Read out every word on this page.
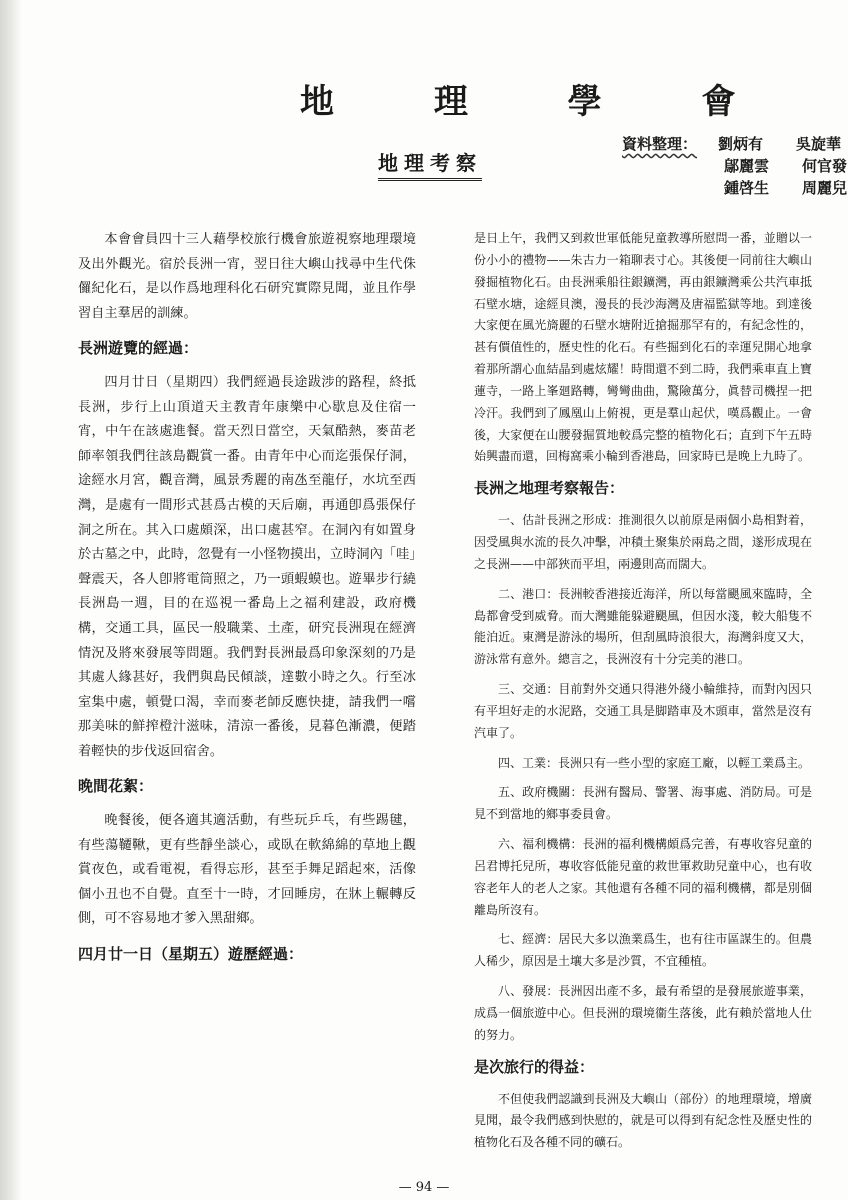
地 理 學 會
地理考察
資料整理： 劉炳有 吳旋華
鄔麗雲 何官發
鍾啓生 周麗兒

本會會員四十三人藉學校旅行機會旅遊視察地理環境及出外觀光。宿於長洲一宵，翌日往大嶼山找尋中生代侏儸紀化石，是以作爲地理科化石研究實際見聞，並且作學習自主羣居的訓練。

長洲遊覽的經過：

四月廿日（星期四）我們經過長途跋涉的路程，終抵長洲，步行上山頂道天主教青年康樂中心歇息及住宿一宵，中午在該處進餐。當天烈日當空，天氣酷熱，麥苗老師率領我們往該島觀賞一番。由青年中心而迄張保仔洞，途經水月宮，觀音灣，風景秀麗的南氹至龍仔，水坑至西灣，是處有一間形式甚爲古模的天后廟，再通卽爲張保仔洞之所在。其入口處頗深，出口處甚窄。在洞內有如置身於古墓之中，此時，忽覺有一小怪物摸出，立時洞內「哇」聲震天，各人卽將電筒照之，乃一頭蝦蟆也。遊畢步行繞長洲島一週，目的在巡視一番島上之福利建設，政府機構，交通工具，區民一般職業、土產，研究長洲現在經濟情況及將來發展等問題。我們對長洲最爲印象深刻的乃是其處人緣甚好，我們與島民傾談，達數小時之久。行至冰室集中處，頓覺口渴，幸而麥老師反應快捷，請我們一嚐那美味的鮮搾橙汁滋味，清涼一番後，見暮色漸濃，便踏着輕快的步伐返回宿舍。

晚間花絮：

晚餐後，便各適其適活動，有些玩乒乓，有些踢毽，有些蕩韆鞦，更有些靜坐談心，或臥在軟綿綿的草地上觀賞夜色，或看電視，看得忘形，甚至手舞足蹈起來，活像個小丑也不自覺。直至十一時，才回睡房，在牀上輾轉反側，可不容易地才爹入黑甜鄉。

四月廿一日（星期五）遊歷經過：

是日上午，我們又到救世軍低能兒童教導所慰問一番，並贈以一份小小的禮物——朱古力一箱聊表寸心。其後便一同前往大嶼山發掘植物化石。由長洲乘船往銀鑛灣，再由銀鑛灣乘公共汽車抵石壁水塘，途經貝澳，漫長的長沙海灣及唐福監獄等地。到達後大家便在風光旖麗的石壁水塘附近搶掘那罕有的，有紀念性的，甚有價值性的，歷史性的化石。有些掘到化石的幸運兒開心地拿着那所謂心血結晶到處炫耀！時間還不到二時，我們乘車直上寶蓮寺，一路上峯廻路轉，彎彎曲曲，驚險萬分，眞替司機捏一把冷汗。我們到了鳳凰山上俯視，更是羣山起伏，嘆爲觀止。一會後，大家便在山腰發掘質地較爲完整的植物化石；直到下午五時始興盡而還，回梅窩乘小輪到香港島，回家時已是晚上九時了。

長洲之地理考察報告：

一、估計長洲之形成：推測很久以前原是兩個小島相對着，因受風與水流的長久冲擊，冲積土聚集於兩島之間，遂形成現在之長洲——中部狹而平坦，兩邊則高而闊大。

二、港口：長洲較香港接近海洋，所以每當颶風來臨時，全島都會受到威脅。而大灣雖能躲避颶風，但因水淺，較大船隻不能泊近。東灣是游泳的場所，但刮風時浪很大，海灣斜度又大，游泳常有意外。總言之，長洲沒有十分完美的港口。

三、交通：目前對外交通只得港外綫小輪維持，而對內因只有平坦好走的水泥路，交通工具是脚踏車及木頭車，當然是沒有汽車了。

四、工業：長洲只有一些小型的家庭工廠，以輕工業爲主。

五、政府機關：長洲有醫局、警署、海事處、消防局。可是見不到當地的鄉事委員會。

六、福利機構：長洲的福利機構頗爲完善，有專收容兒童的呂君博托兒所，專收容低能兒童的救世軍救助兒童中心，也有收容老年人的老人之家。其他還有各種不同的福利機構，都是別個離島所沒有。

七、經濟：居民大多以漁業爲生，也有往市區謀生的。但農人稀少，原因是土壤大多是沙質，不宜種植。

八、發展：長洲因出產不多，最有希望的是發展旅遊事業，成爲一個旅遊中心。但長洲的環境衞生落後，此有賴於當地人仕的努力。

是次旅行的得益：

不但使我們認識到長洲及大嶼山（部份）的地理環境，增廣見聞，最令我們感到快慰的，就是可以得到有紀念性及歷史性的植物化石及各種不同的礦石。

— 94 —
